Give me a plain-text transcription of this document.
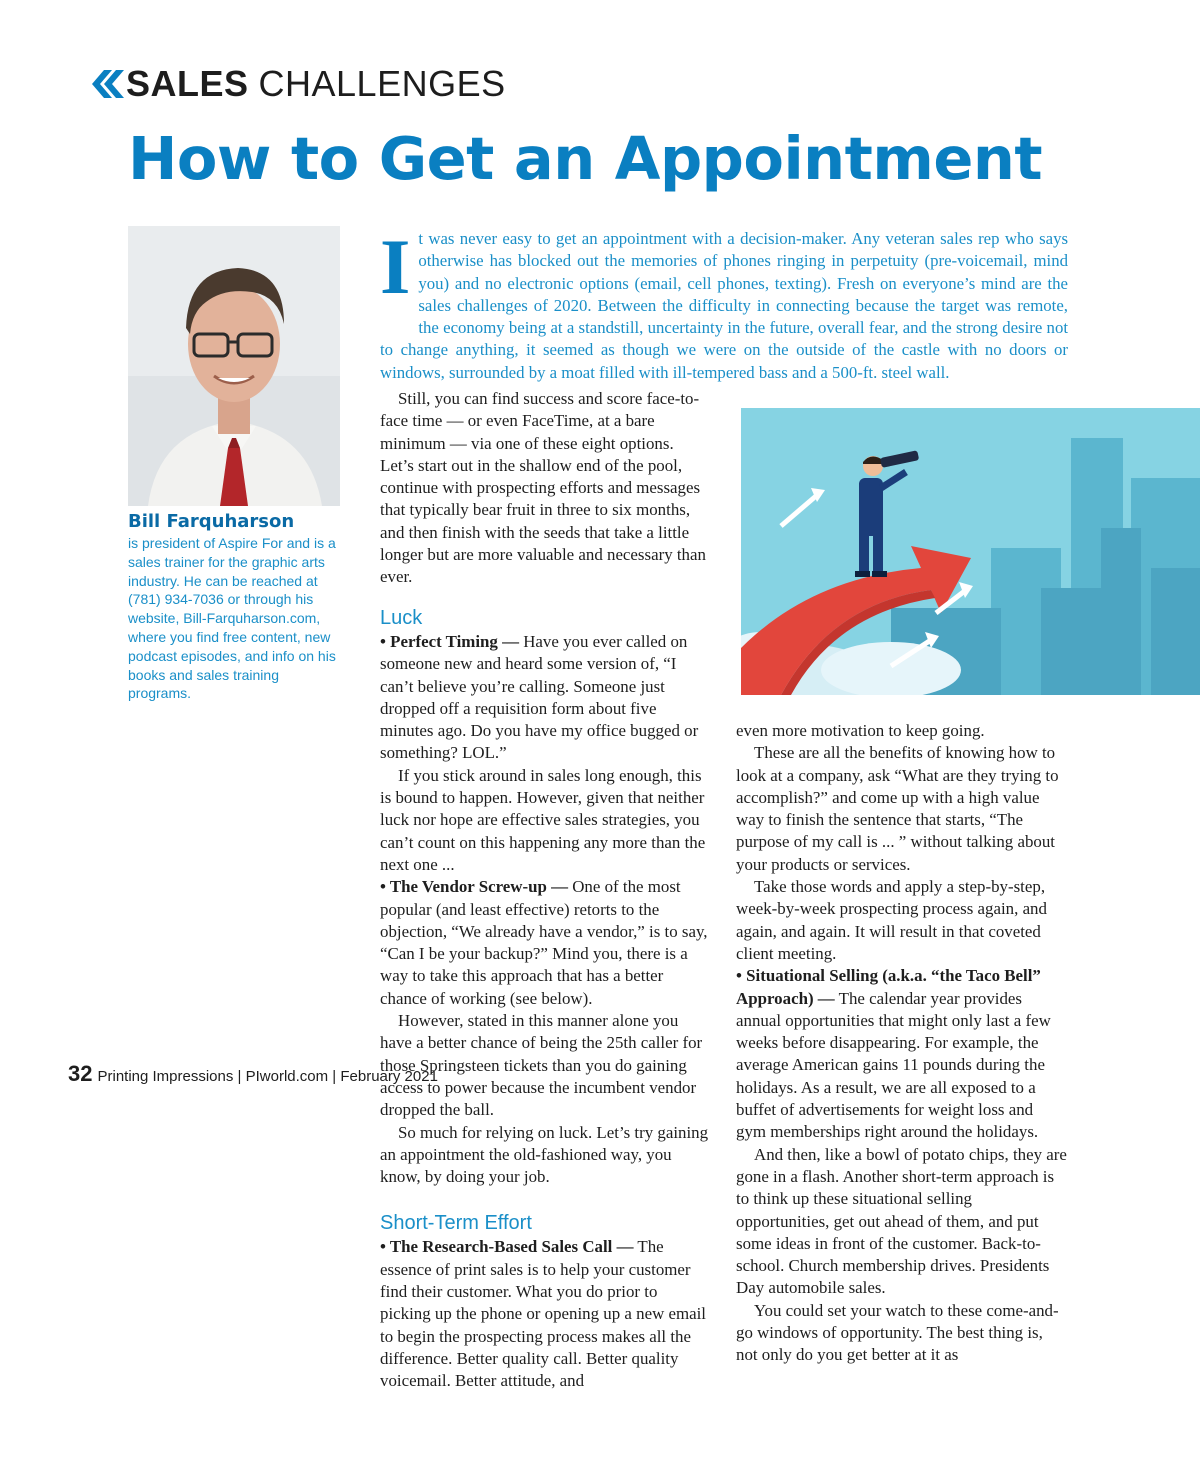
SALES CHALLENGES
How to Get an Appointment
Bill Farquharson
is president of Aspire For and is a sales trainer for the graphic arts industry. He can be reached at (781) 934-7036 or through his website, Bill-Farquharson.com, where you find free content, new podcast episodes, and info on his books and sales training programs.
I t was never easy to get an appointment with a decision-maker. Any veteran sales rep who says otherwise has blocked out the memories of phones ringing in perpetuity (pre-voicemail, mind you) and no electronic options (email, cell phones, texting). Fresh on everyone’s mind are the sales challenges of 2020. Between the difficulty in connecting because the target was remote, the economy being at a standstill, uncertainty in the future, overall fear, and the strong desire not to change anything, it seemed as though we were on the outside of the castle with no doors or windows, surrounded by a moat filled with ill-tempered bass and a 500-ft. steel wall.

Still, you can find success and score face-to-face time — or even FaceTime, at a bare minimum — via one of these eight options. Let’s start out in the shallow end of the pool, continue with prospecting efforts and messages that typically bear fruit in three to six months, and then finish with the seeds that take a little longer but are more valuable and necessary than ever.

Luck

• Perfect Timing — Have you ever called on someone new and heard some version of, “I can’t believe you’re calling. Someone just dropped off a requisition form about five minutes ago. Do you have my office bugged or something? LOL.”

If you stick around in sales long enough, this is bound to happen. However, given that neither luck nor hope are effective sales strategies, you can’t count on this happening any more than the next one ...

• The Vendor Screw-up — One of the most popular (and least effective) retorts to the objection, “We already have a vendor,” is to say, “Can I be your backup?” Mind you, there is a way to take this approach that has a better chance of working (see below).

However, stated in this manner alone you have a better chance of being the 25th caller for those Springsteen tickets than you do gaining access to power because the incumbent vendor dropped the ball.

So much for relying on luck. Let’s try gaining an appointment the old-fashioned way, you know, by doing your job.

Short-Term Effort

• The Research-Based Sales Call — The essence of print sales is to help your customer find their customer. What you do prior to picking up the phone or opening up a new email to begin the prospecting process makes all the difference. Better quality call. Better quality voicemail. Better attitude, and

even more motivation to keep going.

These are all the benefits of knowing how to look at a company, ask “What are they trying to accomplish?” and come up with a high value way to finish the sentence that starts, “The purpose of my call is ... ” without talking about your products or services.

Take those words and apply a step-by-step, week-by-week prospecting process again, and again, and again. It will result in that coveted client meeting.

• Situational Selling (a.k.a. “the Taco Bell” Approach) — The calendar year provides annual opportunities that might only last a few weeks before disappearing. For example, the average American gains 11 pounds during the holidays. As a result, we are all exposed to a buffet of advertisements for weight loss and gym memberships right around the holidays.

And then, like a bowl of potato chips, they are gone in a flash. Another short-term approach is to think up these situational selling opportunities, get out ahead of them, and put some ideas in front of the customer. Back-to-school. Church membership drives. Presidents Day automobile sales.

You could set your watch to these come-and-go windows of opportunity. The best thing is, not only do you get better at it as

32 Printing Impressions | PIworld.com | February 2021
